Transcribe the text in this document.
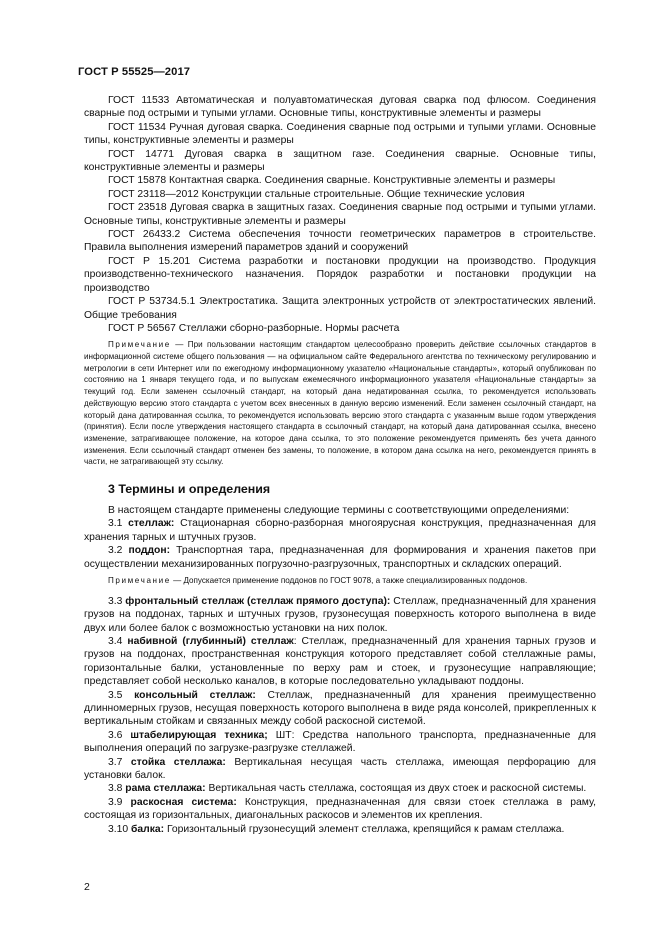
ГОСТ Р 55525—2017

ГОСТ 11533 Автоматическая и полуавтоматическая дуговая сварка под флюсом. Соединения сварные под острыми и тупыми углами. Основные типы, конструктивные элементы и размеры

ГОСТ 11534 Ручная дуговая сварка. Соединения сварные под острыми и тупыми углами. Основные типы, конструктивные элементы и размеры

ГОСТ 14771 Дуговая сварка в защитном газе. Соединения сварные. Основные типы, конструктивные элементы и размеры

ГОСТ 15878 Контактная сварка. Соединения сварные. Конструктивные элементы и размеры

ГОСТ 23118—2012 Конструкции стальные строительные. Общие технические условия

ГОСТ 23518 Дуговая сварка в защитных газах. Соединения сварные под острыми и тупыми углами. Основные типы, конструктивные элементы и размеры

ГОСТ 26433.2 Система обеспечения точности геометрических параметров в строительстве. Правила выполнения измерений параметров зданий и сооружений

ГОСТ Р 15.201 Система разработки и постановки продукции на производство. Продукция производственно-технического назначения. Порядок разработки и постановки продукции на производство

ГОСТ Р 53734.5.1 Электростатика. Защита электронных устройств от электростатических явлений. Общие требования

ГОСТ Р 56567 Стеллажи сборно-разборные. Нормы расчета

Примечание — При пользовании настоящим стандартом целесообразно проверить действие ссылочных стандартов в информационной системе общего пользования — на официальном сайте Федерального агентства по техническому регулированию и метрологии в сети Интернет или по ежегодному информационному указателю «Национальные стандарты», который опубликован по состоянию на 1 января текущего года, и по выпускам ежемесячного информационного указателя «Национальные стандарты» за текущий год. Если заменен ссылочный стандарт, на который дана недатированная ссылка, то рекомендуется использовать действующую версию этого стандарта с учетом всех внесенных в данную версию изменений. Если заменен ссылочный стандарт, на который дана датированная ссылка, то рекомендуется использовать версию этого стандарта с указанным выше годом утверждения (принятия). Если после утверждения настоящего стандарта в ссылочный стандарт, на который дана датированная ссылка, внесено изменение, затрагивающее положение, на которое дана ссылка, то это положение рекомендуется применять без учета данного изменения. Если ссылочный стандарт отменен без замены, то положение, в котором дана ссылка на него, рекомендуется принять в части, не затрагивающей эту ссылку.

3 Термины и определения

В настоящем стандарте применены следующие термины с соответствующими определениями:

3.1 стеллаж: Стационарная сборно-разборная многоярусная конструкция, предназначенная для хранения тарных и штучных грузов.

3.2 поддон: Транспортная тара, предназначенная для формирования и хранения пакетов при осуществлении механизированных погрузочно-разгрузочных, транспортных и складских операций.

Примечание — Допускается применение поддонов по ГОСТ 9078, а также специализированных поддонов.

3.3 фронтальный стеллаж (стеллаж прямого доступа): Стеллаж, предназначенный для хранения грузов на поддонах, тарных и штучных грузов, грузонесущая поверхность которого выполнена в виде двух или более балок с возможностью установки на них полок.

3.4 набивной (глубинный) стеллаж: Стеллаж, предназначенный для хранения тарных грузов и грузов на поддонах, пространственная конструкция которого представляет собой стеллажные рамы, горизонтальные балки, установленные по верху рам и стоек, и грузонесущие направляющие; представляет собой несколько каналов, в которые последовательно укладывают поддоны.

3.5 консольный стеллаж: Стеллаж, предназначенный для хранения преимущественно длинномерных грузов, несущая поверхность которого выполнена в виде ряда консолей, прикрепленных к вертикальным стойкам и связанных между собой раскосной системой.

3.6 штабелирующая техника; ШТ: Средства напольного транспорта, предназначенные для выполнения операций по загрузке-разгрузке стеллажей.

3.7 стойка стеллажа: Вертикальная несущая часть стеллажа, имеющая перфорацию для установки балок.

3.8 рама стеллажа: Вертикальная часть стеллажа, состоящая из двух стоек и раскосной системы.

3.9 раскосная система: Конструкция, предназначенная для связи стоек стеллажа в раму, состоящая из горизонтальных, диагональных раскосов и элементов их крепления.

3.10 балка: Горизонтальный грузонесущий элемент стеллажа, крепящийся к рамам стеллажа.

2
